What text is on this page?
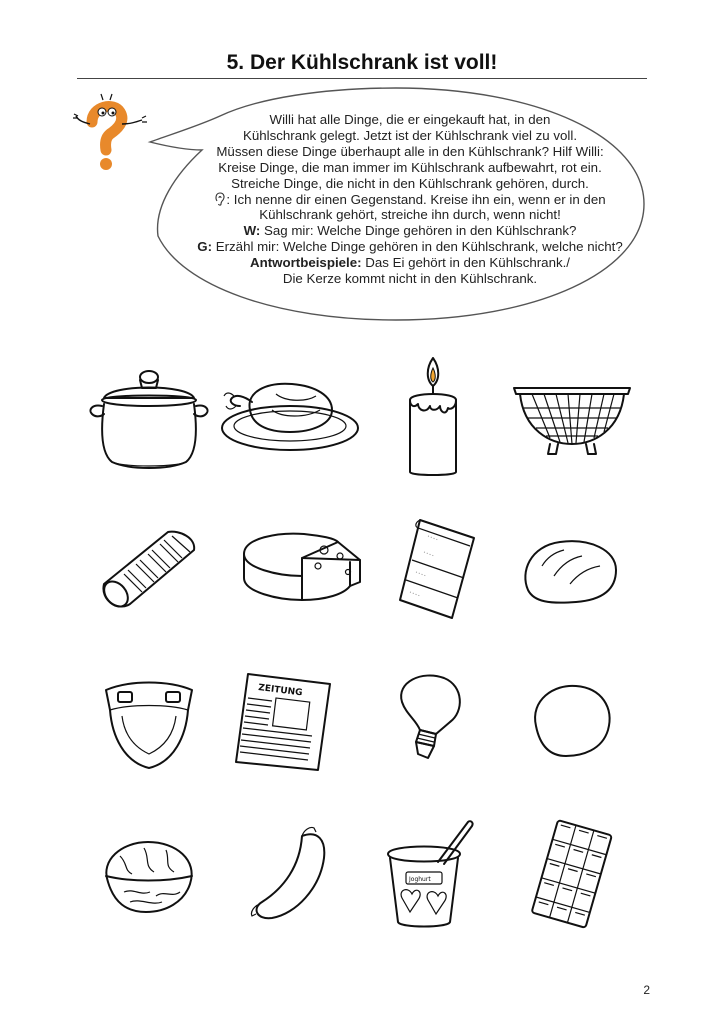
5. Der Kühlschrank ist voll!
Willi hat alle Dinge, die er eingekauft hat, in den
Kühlschrank gelegt. Jetzt ist der Kühlschrank viel zu voll.
Müssen diese Dinge überhaupt alle in den Kühlschrank? Hilf Willi:
Kreise Dinge, die man immer im Kühlschrank aufbewahrt, rot ein.
Streiche Dinge, die nicht in den Kühlschrank gehören, durch.
: Ich nenne dir einen Gegenstand. Kreise ihn ein, wenn er in den
Kühlschrank gehört, streiche ihn durch, wenn nicht!
W: Sag mir: Welche Dinge gehören in den Kühlschrank?
G: Erzähl mir: Welche Dinge gehören in den Kühlschrank, welche nicht?
Antwortbeispiele: Das Ei gehört in den Kühlschrank./
Die Kerze kommt nicht in den Kühlschrank.
ZEITUNG
Joghurt
2
